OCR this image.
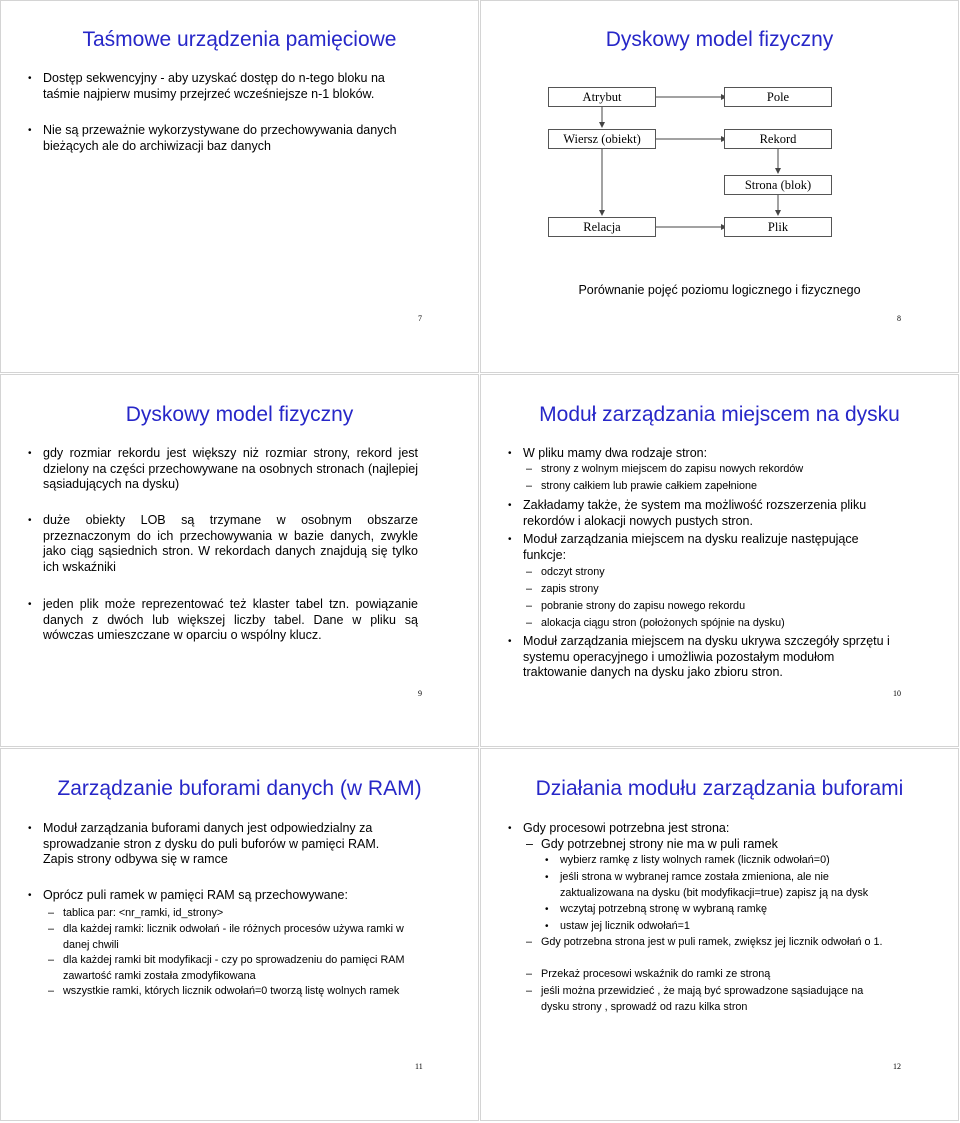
Taśmowe urządzenia pamięciowe
• Dostęp sekwencyjny - aby uzyskać dostęp do n-tego bloku na taśmie najpierw musimy przejrzeć wcześniejsze n-1 bloków.
• Nie są przeważnie wykorzystywane do przechowywania danych bieżących ale do archiwizacji baz danych
7
Dyskowy model fizyczny
Atrybut	Pole
Wiersz (obiekt)	Rekord
Strona (blok)
Relacja	Plik
Porównanie pojęć poziomu logicznego i fizycznego
8
Dyskowy model fizyczny
• gdy rozmiar rekordu jest większy niż rozmiar strony, rekord jest dzielony na części przechowywane na osobnych stronach (najlepiej sąsiadujących na dysku)
• duże obiekty LOB są trzymane w osobnym obszarze przeznaczonym do ich przechowywania w bazie danych, zwykle jako ciąg sąsiednich stron. W rekordach danych znajdują się tylko ich wskaźniki
• jeden plik może reprezentować też klaster tabel tzn. powiązanie danych z dwóch lub większej liczby tabel. Dane w pliku są wówczas umieszczane w oparciu o wspólny klucz.
9
Moduł zarządzania miejscem na dysku
• W pliku mamy dwa rodzaje stron:
– strony z wolnym miejscem do zapisu nowych rekordów
– strony całkiem lub prawie całkiem zapełnione
• Zakładamy także, że system ma możliwość rozszerzenia pliku rekordów i alokacji nowych pustych stron.
• Moduł zarządzania miejscem na dysku realizuje następujące funkcje:
– odczyt strony
– zapis strony
– pobranie strony do zapisu nowego rekordu
– alokacja ciągu stron (położonych spójnie na dysku)
• Moduł zarządzania miejscem na dysku ukrywa szczegóły sprzętu i systemu operacyjnego i umożliwia pozostałym modułom traktowanie danych na dysku jako zbioru stron.
10
Zarządzanie buforami danych (w RAM)
• Moduł zarządzania buforami danych jest odpowiedzialny za sprowadzanie stron z dysku do puli buforów w pamięci RAM. Zapis strony odbywa się w ramce
• Oprócz puli ramek w pamięci RAM są przechowywane:
– tablica par: <nr_ramki, id_strony>
– dla każdej ramki: licznik odwołań - ile różnych procesów używa ramki w danej chwili
– dla każdej ramki bit modyfikacji - czy po sprowadzeniu do pamięci RAM zawartość ramki została zmodyfikowana
– wszystkie ramki, których licznik odwołań=0 tworzą listę wolnych ramek
11
Działania modułu zarządzania buforami
• Gdy procesowi potrzebna jest strona:
– Gdy potrzebnej strony nie ma w puli ramek
• wybierz ramkę z listy wolnych ramek (licznik odwołań=0)
• jeśli strona w wybranej ramce została zmieniona, ale nie zaktualizowana na dysku (bit modyfikacji=true) zapisz ją na dysk
• wczytaj potrzebną stronę w wybraną ramkę
• ustaw jej licznik odwołań=1
– Gdy potrzebna strona jest w puli ramek, zwiększ jej licznik odwołań o 1.
– Przekaż procesowi wskaźnik do ramki ze stroną
– jeśli można przewidzieć , że mają być sprowadzone sąsiadujące na dysku strony , sprowadź od razu kilka stron
12
